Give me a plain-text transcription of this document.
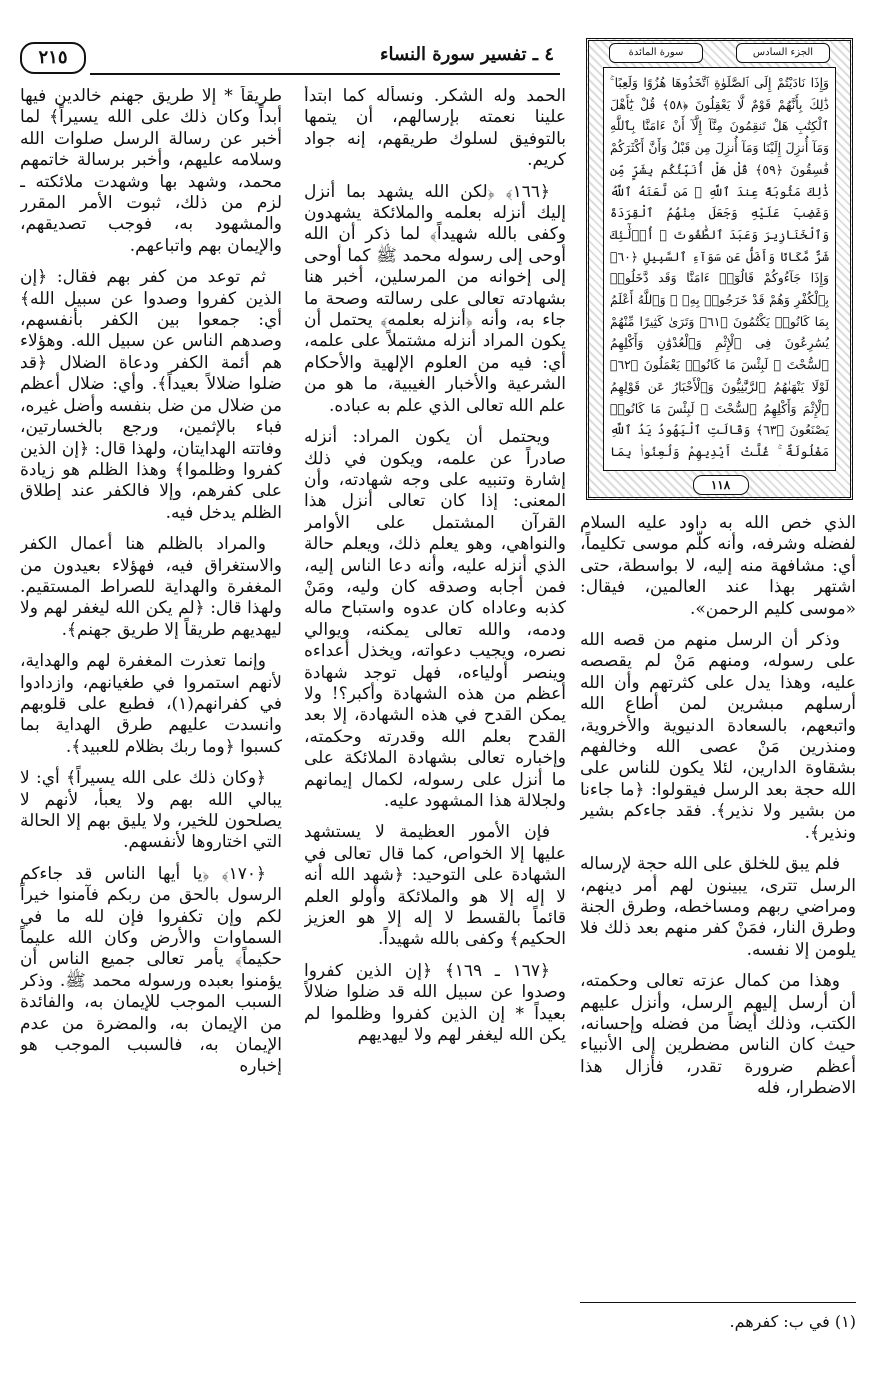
٢١٥	٤ ـ تفسير سورة النساء	الجزء السادس
سورة المائدة
وَإِذَا نَادَيْتُمْ إِلَى ٱلصَّلَوٰةِ ٱتَّخَذُوهَا هُزُوًا وَلَعِبًا ۚ ذَٰلِكَ بِأَنَّهُمْ قَوْمٌ لَّا يَعْقِلُونَ ﴿٥٨﴾ قُلْ يَٰٓأَهْلَ ٱلْكِتَٰبِ هَلْ تَنقِمُونَ مِنَّآ إِلَّآ أَنْ ءَامَنَّا بِٱللَّهِ وَمَآ أُنزِلَ إِلَيْنَا وَمَآ أُنزِلَ مِن قَبْلُ وَأَنَّ أَكْثَرَكُمْ فَٰسِقُونَ ﴿٥٩﴾ قُلْ هَلْ أُنَبِّئُكُم بِشَرٍّ مِّن ذَٰلِكَ مَثُوبَةً عِندَ ٱللَّهِ ۚ مَن لَّعَنَهُ ٱللَّهُ وَغَضِبَ عَلَيْهِ وَجَعَلَ مِنْهُمُ ٱلْقِرَدَةَ وَٱلْخَنَازِيرَ وَعَبَدَ ٱلطَّٰغُوتَ ۚ أُو۟لَٰٓئِكَ شَرٌّ مَّكَانًا وَأَضَلُّ عَن سَوَآءِ ٱلسَّبِيلِ ﴿٦٠﴾ وَإِذَا جَآءُوكُمْ قَالُوٓا۟ ءَامَنَّا وَقَد دَّخَلُوا۟ بِٱلْكُفْرِ وَهُمْ قَدْ خَرَجُوا۟ بِهِۦ ۚ وَٱللَّهُ أَعْلَمُ بِمَا كَانُوا۟ يَكْتُمُونَ ﴿٦١﴾ وَتَرَىٰ كَثِيرًا مِّنْهُمْ يُسَٰرِعُونَ فِى ٱلْإِثْمِ وَٱلْعُدْوَٰنِ وَأَكْلِهِمُ ٱلسُّحْتَ ۚ لَبِئْسَ مَا كَانُوا۟ يَعْمَلُونَ ﴿٦٢﴾ لَوْلَا يَنْهَىٰهُمُ ٱلرَّبَّٰنِيُّونَ وَٱلْأَحْبَارُ عَن قَوْلِهِمُ ٱلْإِثْمَ وَأَكْلِهِمُ ٱلسُّحْتَ ۚ لَبِئْسَ مَا كَانُوا۟ يَصْنَعُونَ ﴿٦٣﴾ وَقَالَتِ ٱلْيَهُودُ يَدُ ٱللَّهِ مَغْلُولَةٌ ۚ غُلَّتْ أَيْدِيهِمْ وَلُعِنُوا۟ بِمَا
١١٨

الذي خص الله به داود عليه السلام لفضله وشرفه، وأنه كلّم موسى تكليماً، أي: مشافهة منه إليه، لا بواسطة، حتى اشتهر بهذا عند العالمين، فيقال: «موسى كليم الرحمن».

وذكر أن الرسل منهم من قصه الله على رسوله، ومنهم مَنْ لم يقصصه عليه، وهذا يدل على كثرتهم وأن الله أرسلهم مبشرين لمن أطاع الله واتبعهم، بالسعادة الدنيوية والأخروية، ومنذرين مَنْ عصى الله وخالفهم بشقاوة الدارين، لئلا يكون للناس على الله حجة بعد الرسل فيقولوا: ﴿ما جاءنا من بشير ولا نذير﴾. فقد جاءكم بشير ونذير﴾.

فلم يبق للخلق على الله حجة لإرساله الرسل تترى، يبينون لهم أمر دينهم، ومراضي ربهم ومساخطه، وطرق الجنة وطرق النار، فمَنْ كفر منهم بعد ذلك فلا يلومن إلا نفسه.

وهذا من كمال عزته تعالى وحكمته، أن أرسل إليهم الرسل، وأنزل عليهم الكتب، وذلك أيضاً من فضله وإحسانه، حيث كان الناس مضطرين إلى الأنبياء أعظم ضرورة تقدر، فأزال هذا الاضطرار، فله

الحمد وله الشكر. ونسأله كما ابتدأ علينا نعمته بإرسالهم، أن يتمها بالتوفيق لسلوك طريقهم، إنه جواد كريم.

﴿١٦٦﴾ ﴿لكن الله يشهد بما أنزل إليك أنزله بعلمه والملائكة يشهدون وكفى بالله شهيداً﴾ لما ذكر أن الله أوحى إلى رسوله محمد ﷺ كما أوحى إلى إخوانه من المرسلين، أخبر هنا بشهادته تعالى على رسالته وصحة ما جاء به، وأنه ﴿أنزله بعلمه﴾ يحتمل أن يكون المراد أنزله مشتملاً على علمه، أي: فيه من العلوم الإلهية والأحكام الشرعية والأخبار الغيبية، ما هو من علم الله تعالى الذي علم به عباده.

ويحتمل أن يكون المراد: أنزله صادراً عن علمه، ويكون في ذلك إشارة وتنبيه على وجه شهادته، وأن المعنى: إذا كان تعالى أنزل هذا القرآن المشتمل على الأوامر والنواهي، وهو يعلم ذلك، ويعلم حالة الذي أنزله عليه، وأنه دعا الناس إليه، فمن أجابه وصدقه كان وليه، ومَنْ كذبه وعاداه كان عدوه واستباح ماله ودمه، والله تعالى يمكنه، ويوالي نصره، ويجيب دعواته، ويخذل أعداءه وينصر أولياءه، فهل توجد شهادة أعظم من هذه الشهادة وأكبر؟! ولا يمكن القدح في هذه الشهادة، إلا بعد القدح بعلم الله وقدرته وحكمته، وإخباره تعالى بشهادة الملائكة على ما أنزل على رسوله، لكمال إيمانهم ولجلالة هذا المشهود عليه.

فإن الأمور العظيمة لا يستشهد عليها إلا الخواص، كما قال تعالى في الشهادة على التوحيد: ﴿شهد الله أنه لا إله إلا هو والملائكة وأولو العلم قائماً بالقسط لا إله إلا هو العزيز الحكيم﴾ وكفى بالله شهيداً.

﴿١٦٧ ـ ١٦٩﴾ ﴿إن الذين كفروا وصدوا عن سبيل الله قد ضلوا ضلالاً بعيداً * إن الذين كفروا وظلموا لم يكن الله ليغفر لهم ولا ليهديهم

طريقاً * إلا طريق جهنم خالدين فيها أبداً وكان ذلك على الله يسيراً﴾ لما أخبر عن رسالة الرسل صلوات الله وسلامه عليهم، وأخبر برسالة خاتمهم محمد، وشهد بها وشهدت ملائكته ـ لزم من ذلك، ثبوت الأمر المقرر والمشهود به، فوجب تصديقهم، والإيمان بهم واتباعهم.

ثم توعد من كفر بهم فقال: ﴿إن الذين كفروا وصدوا عن سبيل الله﴾ أي: جمعوا بين الكفر بأنفسهم، وصدهم الناس عن سبيل الله. وهؤلاء هم أئمة الكفر ودعاة الضلال ﴿قد ضلوا ضلالاً بعيداً﴾. وأي: ضلال أعظم من ضلال من ضل بنفسه وأضل غيره، فباء بالإثمين، ورجع بالخسارتين، وفاتته الهدايتان، ولهذا قال: ﴿إن الذين كفروا وظلموا﴾ وهذا الظلم هو زيادة على كفرهم، وإلا فالكفر عند إطلاق الظلم يدخل فيه.

والمراد بالظلم هنا أعمال الكفر والاستغراق فيه، فهؤلاء بعيدون من المغفرة والهداية للصراط المستقيم. ولهذا قال: ﴿لم يكن الله ليغفر لهم ولا ليهديهم طريقاً إلا طريق جهنم﴾.

وإنما تعذرت المغفرة لهم والهداية، لأنهم استمروا في طغيانهم، وازدادوا في كفرانهم(١)، فطبع على قلوبهم وانسدت عليهم طرق الهداية بما كسبوا ﴿وما ربك بظلام للعبيد﴾.

﴿وكان ذلك على الله يسيراً﴾ أي: لا يبالي الله بهم ولا يعبأ، لأنهم لا يصلحون للخير، ولا يليق بهم إلا الحالة التي اختاروها لأنفسهم.

﴿١٧٠﴾ ﴿يا أيها الناس قد جاءكم الرسول بالحق من ربكم فآمنوا خيراً لكم وإن تكفروا فإن لله ما في السماوات والأرض وكان الله عليماً حكيماً﴾ يأمر تعالى جميع الناس أن يؤمنوا بعبده ورسوله محمد ﷺ. وذكر السبب الموجب للإيمان به، والفائدة من الإيمان به، والمضرة من عدم الإيمان به، فالسبب الموجب هو إخباره

(١) في ب: كفرهم.
